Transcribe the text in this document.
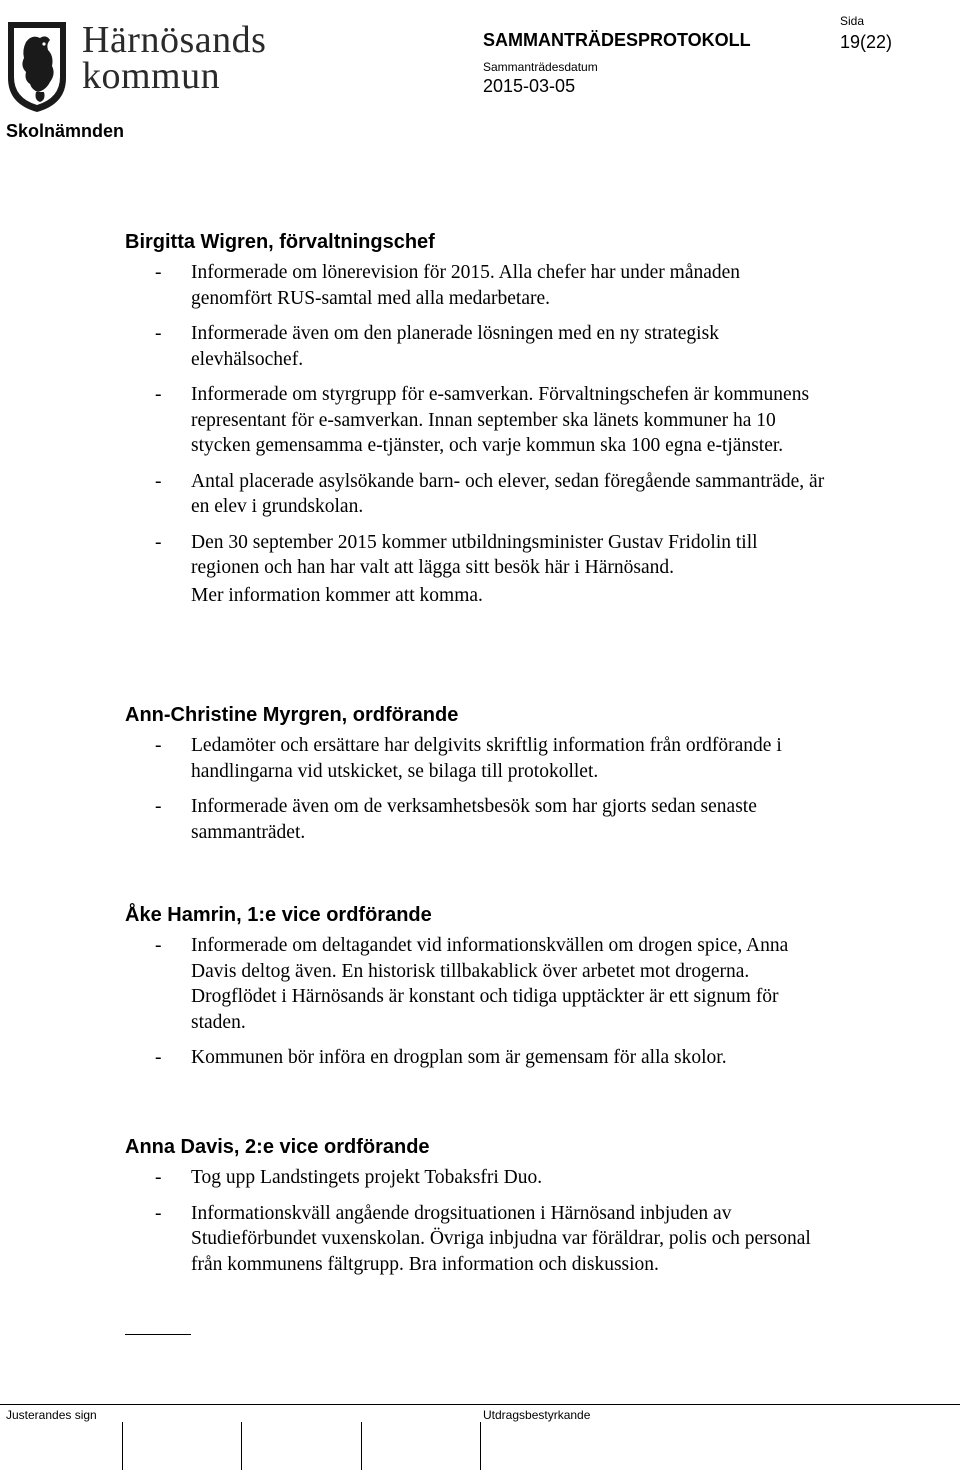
Härnösands
kommun
SAMMANTRÄDESPROTOKOLL
Sammanträdesdatum
2015-03-05
Sida
19(22)
Skolnämnden
Birgitta Wigren, förvaltningschef
- Informerade om lönerevision för 2015. Alla chefer har under månaden genomfört RUS-samtal med alla medarbetare.
- Informerade även om den planerade lösningen med en ny strategisk elevhälsochef.
- Informerade om styrgrupp för e-samverkan. Förvaltningschefen är kommunens representant för e-samverkan. Innan september ska länets kommuner ha 10 stycken gemensamma e-tjänster, och varje kommun ska 100 egna e-tjänster.
- Antal placerade asylsökande barn- och elever, sedan föregående sammanträde, är en elev i grundskolan.
- Den 30 september 2015 kommer utbildningsminister Gustav Fridolin till regionen och han har valt att lägga sitt besök här i Härnösand.
Mer information kommer att komma.
Ann-Christine Myrgren, ordförande
- Ledamöter och ersättare har delgivits skriftlig information från ordförande i handlingarna vid utskicket, se bilaga till protokollet.
- Informerade även om de verksamhetsbesök som har gjorts sedan senaste sammanträdet.
Åke Hamrin, 1:e vice ordförande
- Informerade om deltagandet vid informationskvällen om drogen spice, Anna Davis deltog även. En historisk tillbakablick över arbetet mot drogerna. Drogflödet i Härnösands är konstant och tidiga upptäckter är ett signum för staden.
- Kommunen bör införa en drogplan som är gemensam för alla skolor.
Anna Davis, 2:e vice ordförande
- Tog upp Landstingets projekt Tobaksfri Duo.
- Informationskväll angående drogsituationen i Härnösand inbjuden av Studieförbundet vuxenskolan. Övriga inbjudna var föräldrar, polis och personal från kommunens fältgrupp. Bra information och diskussion.
Justerandes sign	Utdragsbestyrkande
